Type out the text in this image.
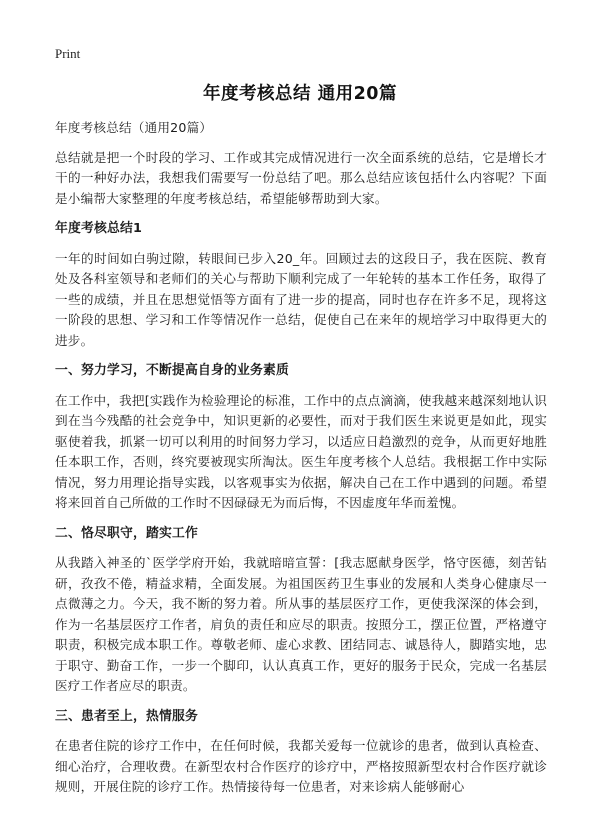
Print
年度考核总结 通用20篇

年度考核总结（通用20篇）

总结就是把一个时段的学习、工作或其完成情况进行一次全面系统的总结，它是增长才干的一种好办法，我想我们需要写一份总结了吧。那么总结应该包括什么内容呢？下面是小编帮大家整理的年度考核总结，希望能够帮助到大家。

年度考核总结1

一年的时间如白驹过隙，转眼间已步入20_年。回顾过去的这段日子，我在医院、教育处及各科室领导和老师们的关心与帮助下顺利完成了一年轮转的基本工作任务，取得了一些的成绩，并且在思想觉悟等方面有了进一步的提高，同时也存在许多不足，现将这一阶段的思想、学习和工作等情况作一总结，促使自己在来年的规培学习中取得更大的进步。

一、努力学习，不断提高自身的业务素质

在工作中，我把[实践作为检验理论的标准，工作中的点点滴滴，使我越来越深刻地认识到在当今残酷的社会竞争中，知识更新的必要性，而对于我们医生来说更是如此，现实驱使着我，抓紧一切可以利用的时间努力学习，以适应日趋激烈的竞争，从而更好地胜任本职工作，否则，终究要被现实所淘汰。医生年度考核个人总结。我根据工作中实际情况，努力用理论指导实践，以客观事实为依据，解决自己在工作中遇到的问题。希望将来回首自己所做的工作时不因碌碌无为而后悔，不因虚度年华而羞愧。

二、恪尽职守，踏实工作

从我踏入神圣的`医学学府开始，我就暗暗宣誓：[我志愿献身医学，恪守医德，刻苦钻研，孜孜不倦，精益求精，全面发展。为祖国医药卫生事业的发展和人类身心健康尽一点微薄之力。今天，我不断的努力着。所从事的基层医疗工作，更使我深深的体会到，作为一名基层医疗工作者，肩负的责任和应尽的职责。按照分工，摆正位置，严格遵守职责，积极完成本职工作。尊敬老师、虚心求教、团结同志、诚恳待人，脚踏实地，忠于职守、勤奋工作，一步一个脚印，认认真真工作，更好的服务于民众，完成一名基层医疗工作者应尽的职责。

三、患者至上，热情服务

在患者住院的诊疗工作中，在任何时候，我都关爱每一位就诊的患者，做到认真检查、细心治疗，合理收费。在新型农村合作医疗的诊疗中，严格按照新型农村合作医疗就诊规则，开展住院的诊疗工作。热情接待每一位患者，对来诊病人能够耐心
